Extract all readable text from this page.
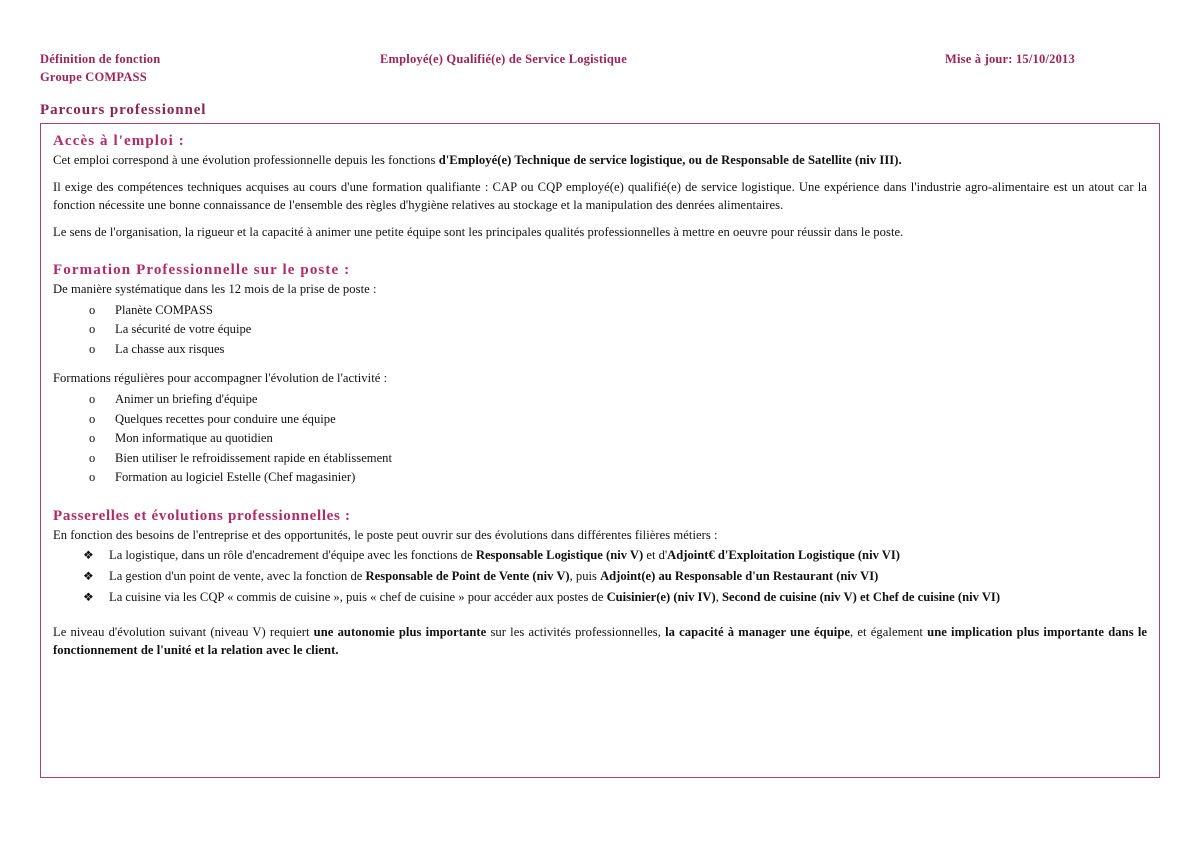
Définition de fonction
Groupe COMPASS
Employé(e) Qualifié(e) de Service Logistique	Mise à jour: 15/10/2013
Parcours professionnel
Accès à l'emploi :

Cet emploi correspond à une évolution professionnelle depuis les fonctions d'Employé(e) Technique de service logistique, ou de Responsable de Satellite (niv III).

Il exige des compétences techniques acquises au cours d'une formation qualifiante : CAP ou CQP employé(e) qualifié(e) de service logistique. Une expérience dans l'industrie agro-alimentaire est un atout car la fonction nécessite une bonne connaissance de l'ensemble des règles d'hygiène relatives au stockage et la manipulation des denrées alimentaires.

Le sens de l'organisation, la rigueur et la capacité à animer une petite équipe sont les principales qualités professionnelles à mettre en oeuvre pour réussir dans le poste.

Formation Professionnelle sur le poste :

De manière systématique dans les 12 mois de la prise de poste :

o Planète COMPASS
o La sécurité de votre équipe
o La chasse aux risques

Formations régulières pour accompagner l'évolution de l'activité :

o Animer un briefing d'équipe
o Quelques recettes pour conduire une équipe
o Mon informatique au quotidien
o Bien utiliser le refroidissement rapide en établissement
o Formation au logiciel Estelle (Chef magasinier)
Passerelles et évolutions professionnelles :

En fonction des besoins de l'entreprise et des opportunités, le poste peut ouvrir sur des évolutions dans différentes filières métiers :

❖ La logistique, dans un rôle d'encadrement d'équipe avec les fonctions de Responsable Logistique (niv V) et d'Adjoint€ d'Exploitation Logistique (niv VI)
❖ La gestion d'un point de vente, avec la fonction de Responsable de Point de Vente (niv V), puis Adjoint(e) au Responsable d'un Restaurant (niv VI)
❖ La cuisine via les CQP « commis de cuisine », puis « chef de cuisine » pour accéder aux postes de Cuisinier(e) (niv IV), Second de cuisine (niv V) et Chef de cuisine (niv VI)

Le niveau d'évolution suivant (niveau V) requiert une autonomie plus importante sur les activités professionnelles, la capacité à manager une équipe, et également une implication plus importante dans le fonctionnement de l'unité et la relation avec le client.
